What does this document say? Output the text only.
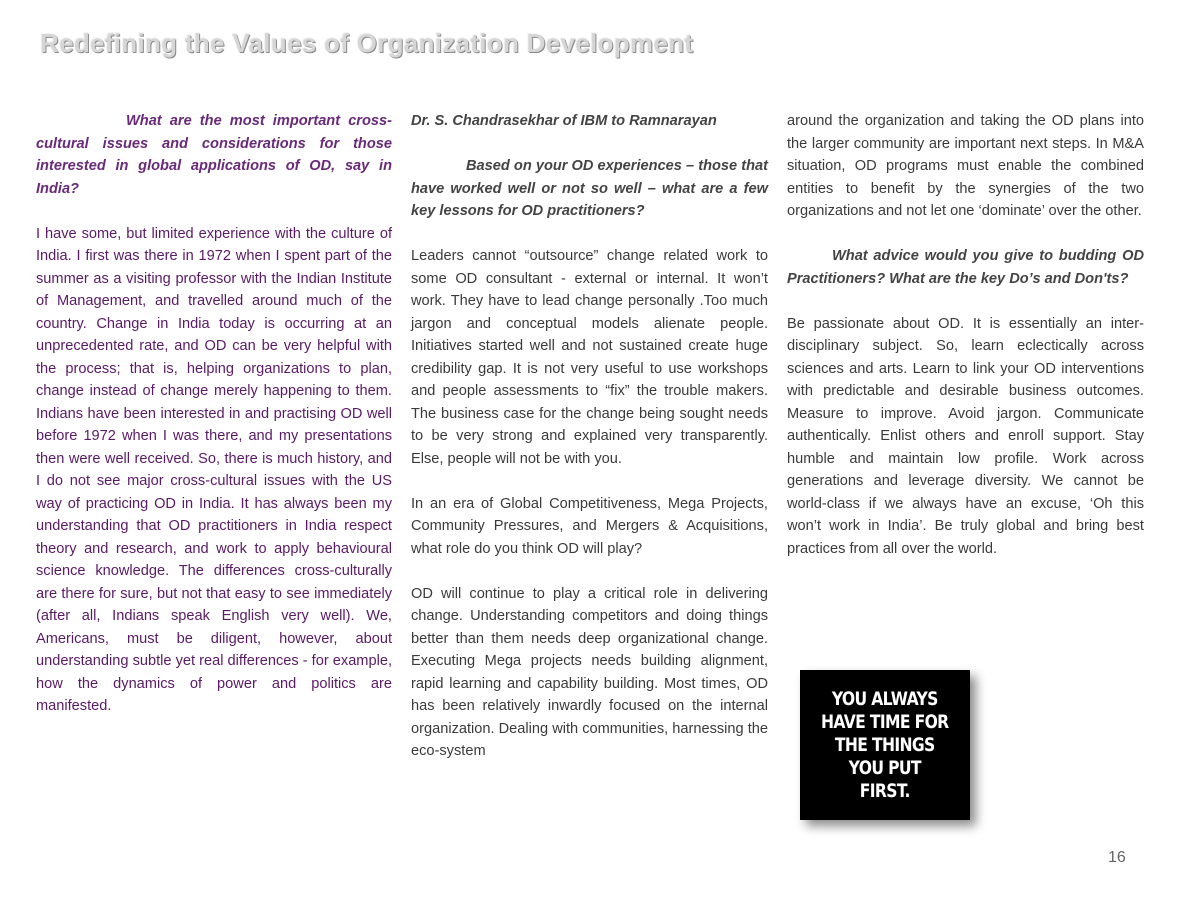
Redefining the Values of Organization Development

What are the most important cross-cultural issues and considerations for those interested in global applications of OD, say in India?

I have some, but limited experience with the culture of India. I first was there in 1972 when I spent part of the summer as a visiting professor with the Indian Institute of Management, and travelled around much of the country. Change in India today is occurring at an unprecedented rate, and OD can be very helpful with the process; that is, helping organizations to plan, change instead of change merely happening to them. Indians have been interested in and practising OD well before 1972 when I was there, and my presentations then were well received. So, there is much history, and I do not see major cross-cultural issues with the US way of practicing OD in India. It has always been my understanding that OD practitioners in India respect theory and research, and work to apply behavioural science knowledge. The differences cross-culturally are there for sure, but not that easy to see immediately (after all, Indians speak English very well). We, Americans, must be diligent, however, about understanding subtle yet real differences - for example, how the dynamics of power and politics are manifested.

Dr. S. Chandrasekhar of IBM to Ramnarayan

Based on your OD experiences – those that have worked well or not so well – what are a few key lessons for OD practitioners?

Leaders cannot “outsource” change related work to some OD consultant - external or internal. It won’t work. They have to lead change personally .Too much jargon and conceptual models alienate people. Initiatives started well and not sustained create huge credibility gap. It is not very useful to use workshops and people assessments to “fix” the trouble makers. The business case for the change being sought needs to be very strong and explained very transparently. Else, people will not be with you.

In an era of Global Competitiveness, Mega Projects, Community Pressures, and Mergers & Acquisitions, what role do you think OD will play?

OD will continue to play a critical role in delivering change. Understanding competitors and doing things better than them needs deep organizational change. Executing Mega projects needs building alignment, rapid learning and capability building. Most times, OD has been relatively inwardly focused on the internal organization. Dealing with communities, harnessing the eco-system

around the organization and taking the OD plans into the larger community are important next steps. In M&A situation, OD programs must enable the combined entities to benefit by the synergies of the two organizations and not let one ‘dominate’ over the other.

What advice would you give to budding OD Practitioners? What are the key Do’s and Don'ts?

Be passionate about OD. It is essentially an inter-disciplinary subject. So, learn eclectically across sciences and arts. Learn to link your OD interventions with predictable and desirable business outcomes. Measure to improve. Avoid jargon. Communicate authentically. Enlist others and enroll support. Stay humble and maintain low profile. Work across generations and leverage diversity. We cannot be world-class if we always have an excuse, ‘Oh this won’t work in India’. Be truly global and bring best practices from all over the world.

YOU ALWAYS
HAVE TIME FOR
THE THINGS
YOU PUT
FIRST.
16
